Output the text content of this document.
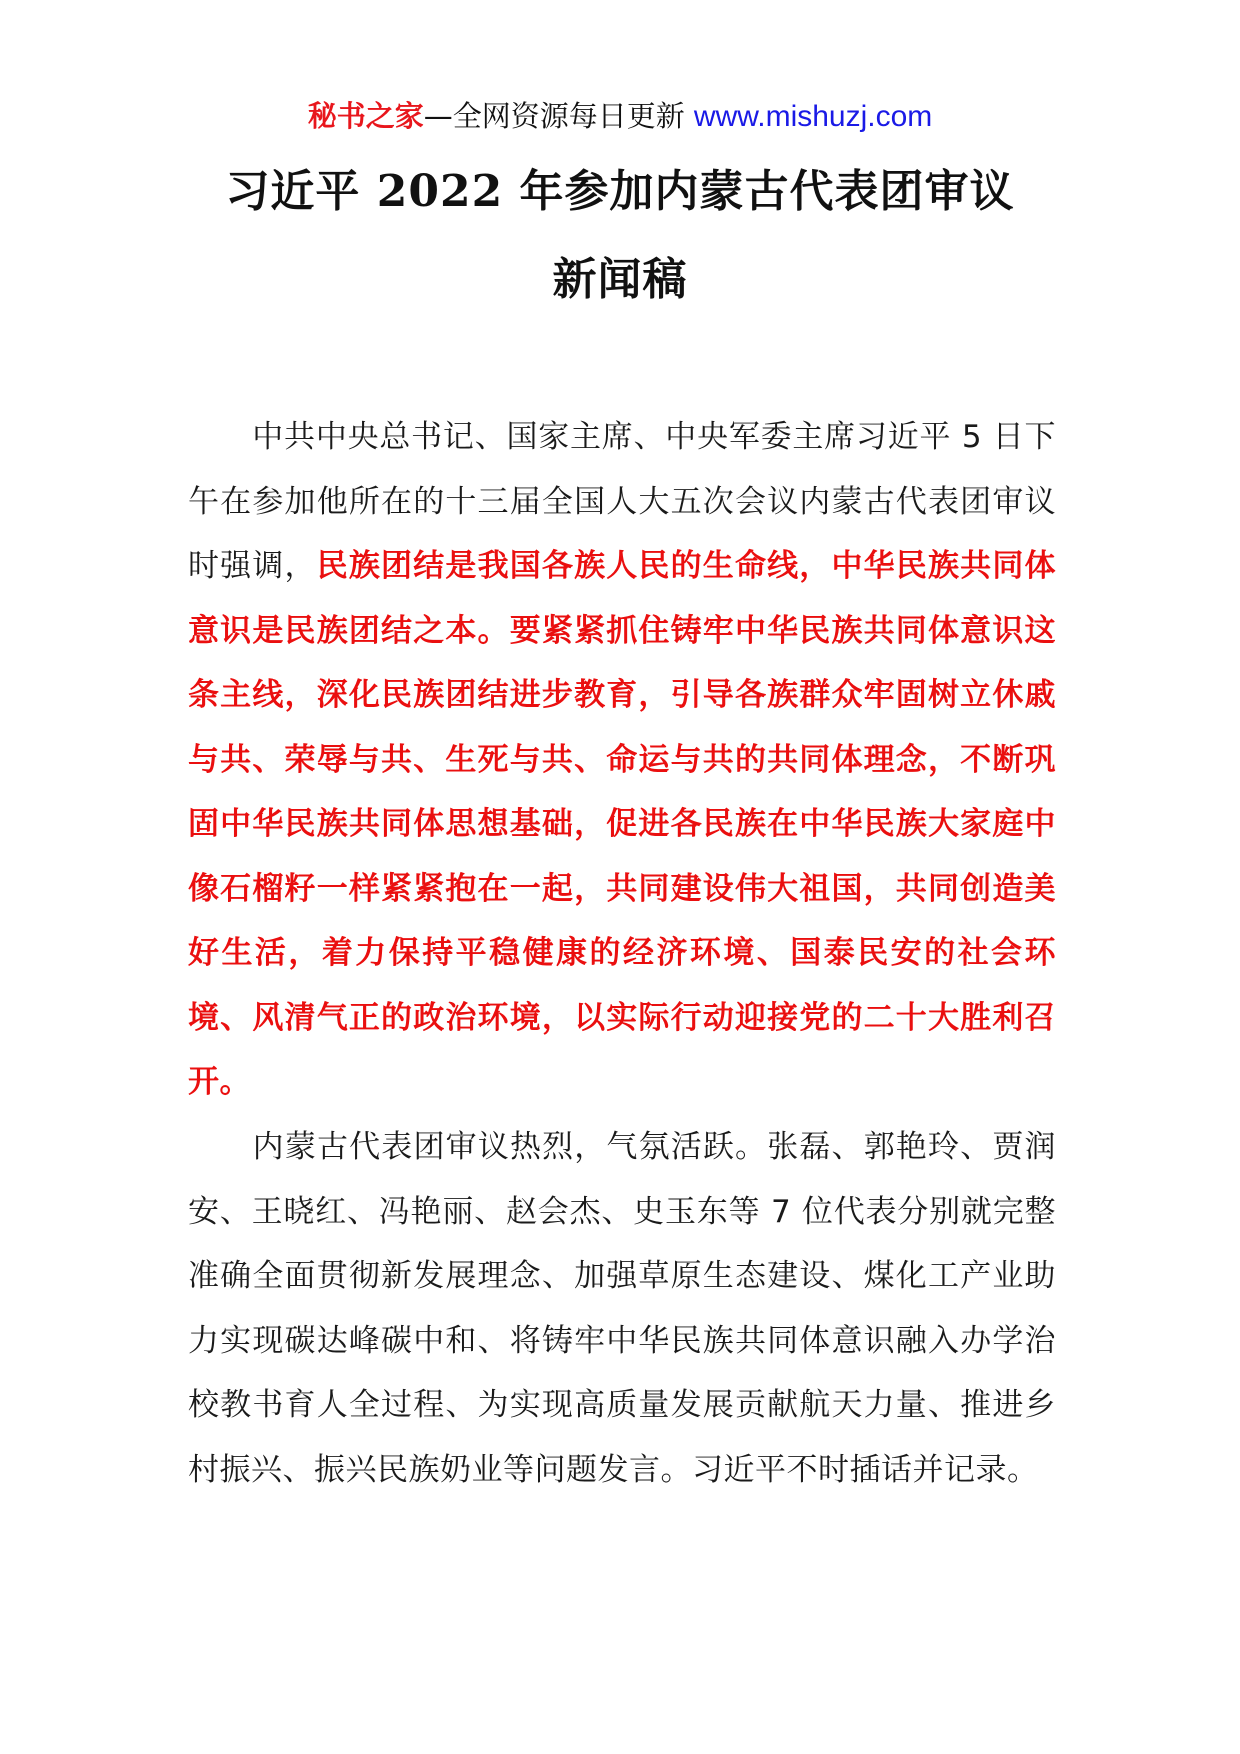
秘书之家—全网资源每日更新 www.mishuzj.com
习近平 2022 年参加内蒙古代表团审议
新闻稿
中共中央总书记、国家主席、中央军委主席习近平 5 日下午在参加他所在的十三届全国人大五次会议内蒙古代表团审议时强调，民族团结是我国各族人民的生命线，中华民族共同体意识是民族团结之本。要紧紧抓住铸牢中华民族共同体意识这条主线，深化民族团结进步教育，引导各族群众牢固树立休戚与共、荣辱与共、生死与共、命运与共的共同体理念，不断巩固中华民族共同体思想基础，促进各民族在中华民族大家庭中像石榴籽一样紧紧抱在一起，共同建设伟大祖国，共同创造美好生活，着力保持平稳健康的经济环境、国泰民安的社会环境、风清气正的政治环境，以实际行动迎接党的二十大胜利召开。
内蒙古代表团审议热烈，气氛活跃。张磊、郭艳玲、贾润安、王晓红、冯艳丽、赵会杰、史玉东等 7 位代表分别就完整准确全面贯彻新发展理念、加强草原生态建设、煤化工产业助力实现碳达峰碳中和、将铸牢中华民族共同体意识融入办学治校教书育人全过程、为实现高质量发展贡献航天力量、推进乡村振兴、振兴民族奶业等问题发言。习近平不时插话并记录。
